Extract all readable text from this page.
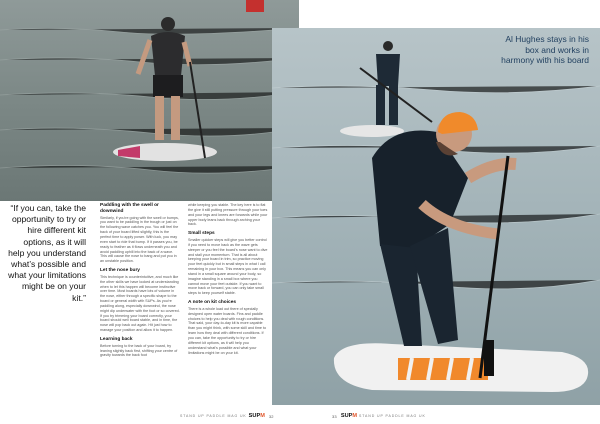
Al Hughes stays in his box and works in harmony with his board
“If you can, take the opportunity to try or hire different kit options, as it will help you understand what’s possible and what your limitations might be on your kit.”
Paddling with the swell or downwind

Similarly, if you're going with the swell or bumps, you want to be paddling in the trough or just on the following wave catches you. You will feel the back of your board lifted slightly, this is the perfect time to apply power. With luck, you may even start to ride that bump. If it passes you, be ready to feather as it flows underneath you and avoid paddling uphill into the back of a wave. This will cause the nose to bang and put you in an unstable position.

Let the nose bury

This technique is counterintuitive, and much like the other skills we have looked at understanding when to let this happen will become instinctive over time. Most boards have lots of volume in the nose, either through a specific shape to the board or general width with SUPs. As you're paddling along, especially downwind, the nose might dip underwater with the foot or so covered. If you try trimming your board correctly, your board should well board stable, and in time, the nose will pop back out again. Hit just how to manage your position and allow it to happen.

Learning back

Before turning to the back of your board, try leaning slightly back first, shifting your centre of gravity towards the back foot

while keeping you stable. The key here is to flat the give it still putting pressure through your toes and your legs and knees are forwards while your upper body leans back through arching your back.

Small steps

Smaller quicker steps will give you better control if you need to move back as the wave gets steeper or you feel the board's nose want to dive and stall your momentum. That is all about keeping your board in trim, so practice moving your feet quickly but in small steps in what I call remaining in your box. This means you can only stand in a small square around your body, so imagine standing in a small box where you cannot move your feet outside. If you want to move back or forward, you can only take small steps to keep yourself stable.

A note on kit choices

There is a whole load out there of specially designed open water boards. Fins and paddle choices to help you deal with rough conditions. That said, your day-to-day kit is more capable than you might think, with some skill and time to learn how they deal with different conditions. If you can, take the opportunity to try or hire different kit options, as it will help you understand what's possible and what your limitations might be on your kit.

STAND UP PADDLE MAG UK SUPM 32	33 SUPM STAND UP PADDLE MAG UK
